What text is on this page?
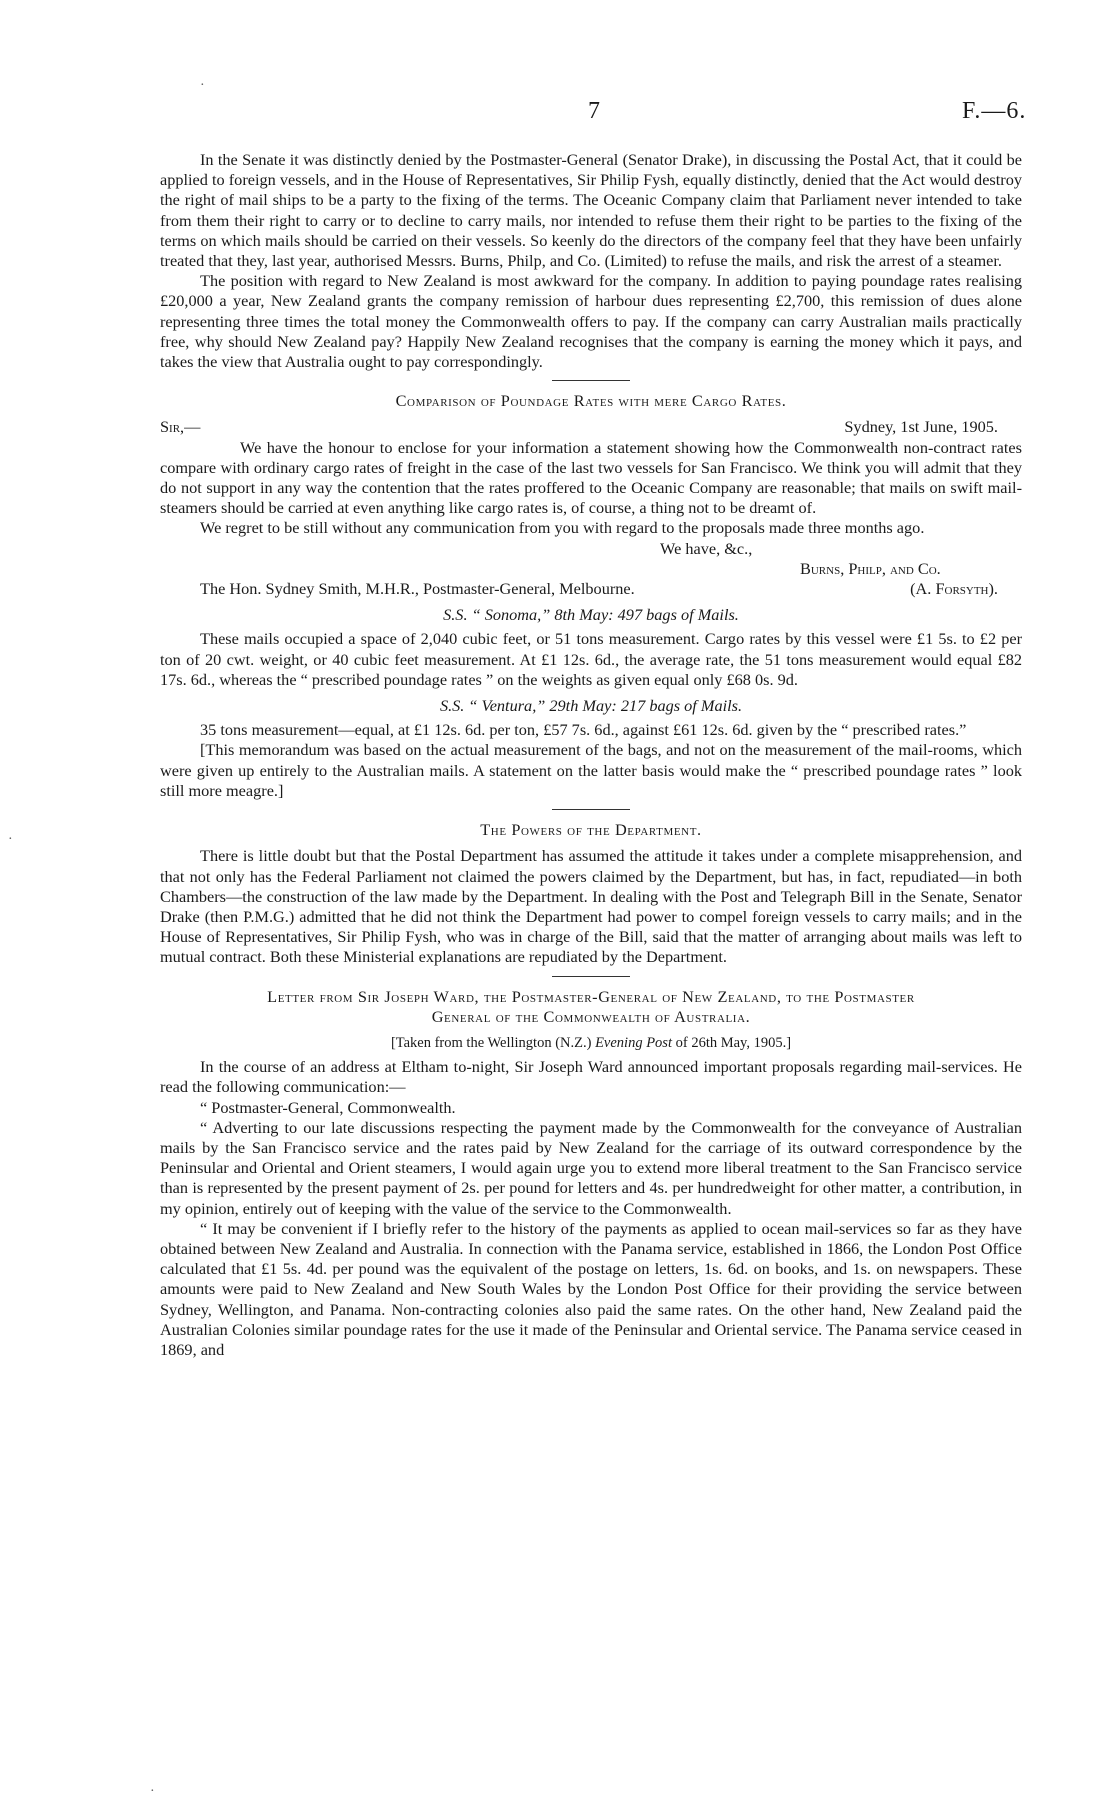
·
·
·
7	F.—6.

In the Senate it was distinctly denied by the Postmaster-General (Senator Drake), in discussing the Postal Act, that it could be applied to foreign vessels, and in the House of Representatives, Sir Philip Fysh, equally distinctly, denied that the Act would destroy the right of mail ships to be a party to the fixing of the terms. The Oceanic Company claim that Parliament never intended to take from them their right to carry or to decline to carry mails, nor intended to refuse them their right to be parties to the fixing of the terms on which mails should be carried on their vessels. So keenly do the directors of the company feel that they have been unfairly treated that they, last year, authorised Messrs. Burns, Philp, and Co. (Limited) to refuse the mails, and risk the arrest of a steamer.

The position with regard to New Zealand is most awkward for the company. In addition to paying poundage rates realising £20,000 a year, New Zealand grants the company remission of harbour dues representing £2,700, this remission of dues alone representing three times the total money the Commonwealth offers to pay. If the company can carry Australian mails practically free, why should New Zealand pay? Happily New Zealand recognises that the company is earning the money which it pays, and takes the view that Australia ought to pay correspondingly.

Comparison of Poundage Rates with mere Cargo Rates.
Sir,—	Sydney, 1st June, 1905.

We have the honour to enclose for your information a statement showing how the Commonwealth non-contract rates compare with ordinary cargo rates of freight in the case of the last two vessels for San Francisco. We think you will admit that they do not support in any way the contention that the rates proffered to the Oceanic Company are reasonable; that mails on swift mail-steamers should be carried at even anything like cargo rates is, of course, a thing not to be dreamt of.

We regret to be still without any communication from you with regard to the proposals made three months ago.

We have, &c.,
Burns, Philp, and Co.
The Hon. Sydney Smith, M.H.R., Postmaster-General, Melbourne.	(A. Forsyth).
S.S. “ Sonoma,” 8th May: 497 bags of Mails.

These mails occupied a space of 2,040 cubic feet, or 51 tons measurement. Cargo rates by this vessel were £1 5s. to £2 per ton of 20 cwt. weight, or 40 cubic feet measurement. At £1 12s. 6d., the average rate, the 51 tons measurement would equal £82 17s. 6d., whereas the “ prescribed poundage rates ” on the weights as given equal only £68 0s. 9d.

S.S. “ Ventura,” 29th May: 217 bags of Mails.

35 tons measurement—equal, at £1 12s. 6d. per ton, £57 7s. 6d., against £61 12s. 6d. given by the “ prescribed rates.”

[This memorandum was based on the actual measurement of the bags, and not on the measurement of the mail-rooms, which were given up entirely to the Australian mails. A statement on the latter basis would make the “ prescribed poundage rates ” look still more meagre.]

The Powers of the Department.

There is little doubt but that the Postal Department has assumed the attitude it takes under a complete misapprehension, and that not only has the Federal Parliament not claimed the powers claimed by the Department, but has, in fact, repudiated—in both Chambers—the construction of the law made by the Department. In dealing with the Post and Telegraph Bill in the Senate, Senator Drake (then P.M.G.) admitted that he did not think the Department had power to compel foreign vessels to carry mails; and in the House of Representatives, Sir Philip Fysh, who was in charge of the Bill, said that the matter of arranging about mails was left to mutual contract. Both these Ministerial explanations are repudiated by the Department.

Letter from Sir Joseph Ward, the Postmaster-General of New Zealand, to the Postmaster
General of the Commonwealth of Australia.
[Taken from the Wellington (N.Z.) Evening Post of 26th May, 1905.]

In the course of an address at Eltham to-night, Sir Joseph Ward announced important proposals regarding mail-services. He read the following communication:—

“ Postmaster-General, Commonwealth.

“ Adverting to our late discussions respecting the payment made by the Commonwealth for the conveyance of Australian mails by the San Francisco service and the rates paid by New Zealand for the carriage of its outward correspondence by the Peninsular and Oriental and Orient steamers, I would again urge you to extend more liberal treatment to the San Francisco service than is represented by the present payment of 2s. per pound for letters and 4s. per hundredweight for other matter, a contribution, in my opinion, entirely out of keeping with the value of the service to the Commonwealth.

“ It may be convenient if I briefly refer to the history of the payments as applied to ocean mail-services so far as they have obtained between New Zealand and Australia. In connection with the Panama service, established in 1866, the London Post Office calculated that £1 5s. 4d. per pound was the equivalent of the postage on letters, 1s. 6d. on books, and 1s. on newspapers. These amounts were paid to New Zealand and New South Wales by the London Post Office for their providing the service between Sydney, Wellington, and Panama. Non-contracting colonies also paid the same rates. On the other hand, New Zealand paid the Australian Colonies similar poundage rates for the use it made of the Peninsular and Oriental service. The Panama service ceased in 1869, and
